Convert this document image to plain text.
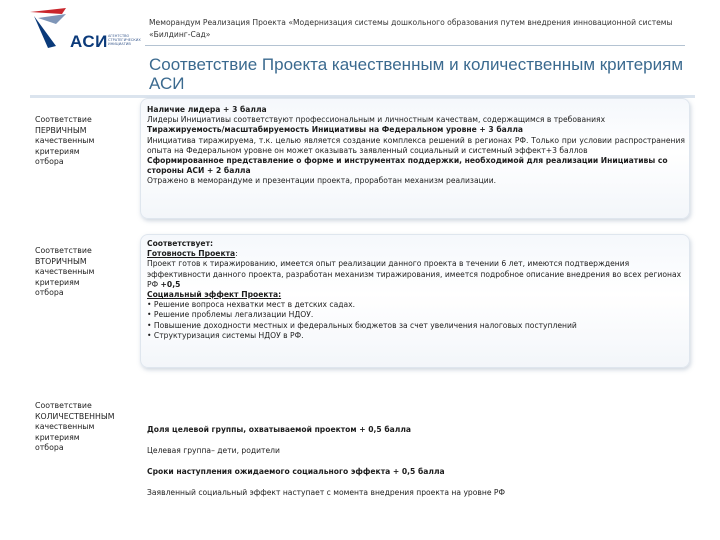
АСИ АГЕНТСТВО СТРАТЕГИЧЕСКИХ ИНИЦИАТИВ
Меморандум Реализация Проекта «Модернизация системы дошкольного образования путем внедрения инновационной системы «Билдинг-Сад»
Соответствие Проекта качественным и количественным критериям АСИ
Соответствие
ПЕРВИЧНЫМ
качественным
критериям
отбора

Наличие лидера + 3 балла

Лидеры Инициативы соответствуют профессиональным и личностным качествам, содержащимся в требованиях

Тиражируемость/масштабируемость Инициативы на Федеральном уровне + 3 балла

Инициатива тиражируема, т.к. целью является создание комплекса решений в регионах РФ. Только при условии распространения опыта на Федеральном уровне он может оказывать заявленный социальный и системный эффект+3 баллов

Сформированное представление о форме и инструментах поддержки, необходимой для реализации Инициативы со стороны АСИ + 2 балла

Отражено в меморандуме и презентации проекта, проработан механизм реализации.

Соответствие
ВТОРИЧНЫМ
качественным
критериям
отбора

Соответствует:

Готовность Проекта:

Проект готов к тиражированию, имеется опыт реализации данного проекта в течении 6 лет, имеются подтверждения эффективности данного проекта, разработан механизм тиражирования, имеется подробное описание внедрения во всех регионах РФ +0,5

Социальный эффект Проекта:

• Решение вопроса нехватки мест в детских садах.
• Решение проблемы легализации НДОУ.
• Повышение доходности местных и федеральных бюджетов за счет увеличения налоговых поступлений
• Структуризация системы НДОУ в РФ.
Соответствие
КОЛИЧЕСТВЕННЫМ
качественным
критериям
отбора

Доля целевой группы, охватываемой проектом + 0,5 балла

Целевая группа– дети, родители

Сроки наступления ожидаемого социального эффекта + 0,5 балла

Заявленный социальный эффект наступает с момента внедрения проекта на уровне РФ
